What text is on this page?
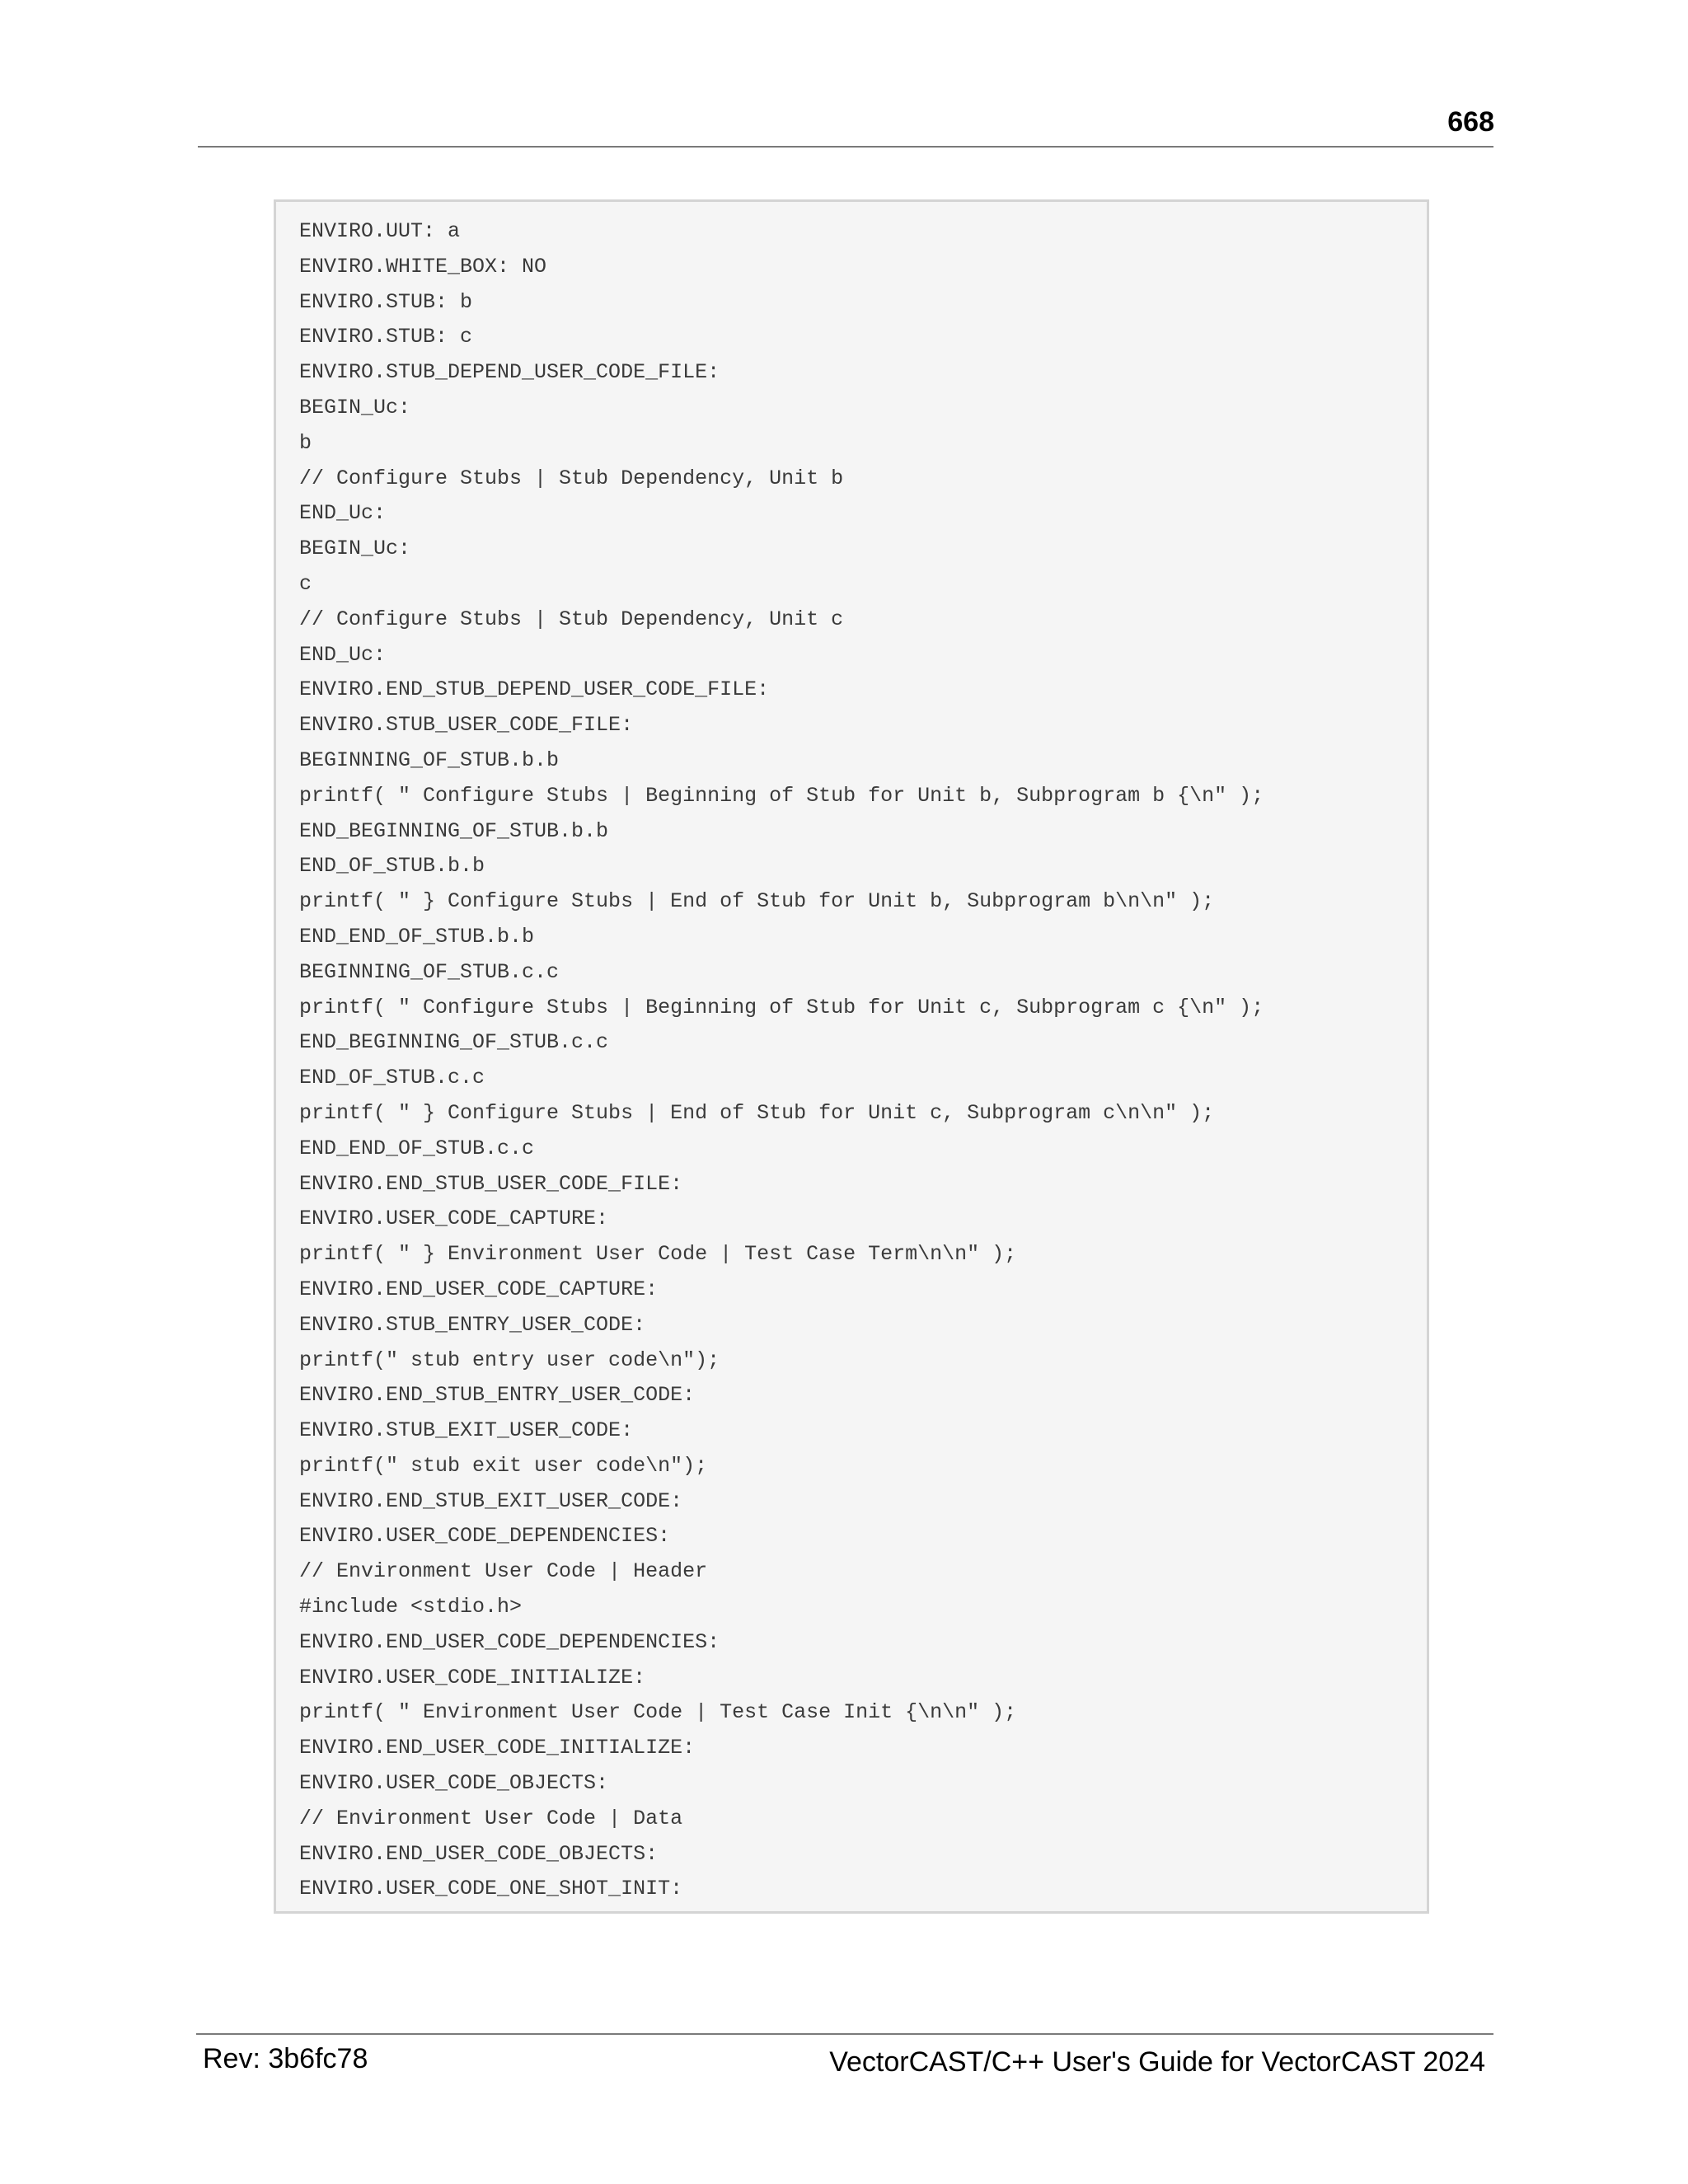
668
ENVIRO.UUT: a
ENVIRO.WHITE_BOX: NO
ENVIRO.STUB: b
ENVIRO.STUB: c
ENVIRO.STUB_DEPEND_USER_CODE_FILE:
BEGIN_Uc:
b
// Configure Stubs | Stub Dependency, Unit b
END_Uc:
BEGIN_Uc:
c
// Configure Stubs | Stub Dependency, Unit c
END_Uc:
ENVIRO.END_STUB_DEPEND_USER_CODE_FILE:
ENVIRO.STUB_USER_CODE_FILE:
BEGINNING_OF_STUB.b.b
printf( " Configure Stubs | Beginning of Stub for Unit b, Subprogram b {\n" );
END_BEGINNING_OF_STUB.b.b
END_OF_STUB.b.b
printf( " } Configure Stubs | End of Stub for Unit b, Subprogram b\n\n" );
END_END_OF_STUB.b.b
BEGINNING_OF_STUB.c.c
printf( " Configure Stubs | Beginning of Stub for Unit c, Subprogram c {\n" );
END_BEGINNING_OF_STUB.c.c
END_OF_STUB.c.c
printf( " } Configure Stubs | End of Stub for Unit c, Subprogram c\n\n" );
END_END_OF_STUB.c.c
ENVIRO.END_STUB_USER_CODE_FILE:
ENVIRO.USER_CODE_CAPTURE:
printf( " } Environment User Code | Test Case Term\n\n" );
ENVIRO.END_USER_CODE_CAPTURE:
ENVIRO.STUB_ENTRY_USER_CODE:
printf(" stub entry user code\n");
ENVIRO.END_STUB_ENTRY_USER_CODE:
ENVIRO.STUB_EXIT_USER_CODE:
printf(" stub exit user code\n");
ENVIRO.END_STUB_EXIT_USER_CODE:
ENVIRO.USER_CODE_DEPENDENCIES:
// Environment User Code | Header
#include <stdio.h>
ENVIRO.END_USER_CODE_DEPENDENCIES:
ENVIRO.USER_CODE_INITIALIZE:
printf( " Environment User Code | Test Case Init {\n\n" );
ENVIRO.END_USER_CODE_INITIALIZE:
ENVIRO.USER_CODE_OBJECTS:
// Environment User Code | Data
ENVIRO.END_USER_CODE_OBJECTS:
ENVIRO.USER_CODE_ONE_SHOT_INIT:
Rev: 3b6fc78	VectorCAST/C++ User's Guide for VectorCAST 2024
